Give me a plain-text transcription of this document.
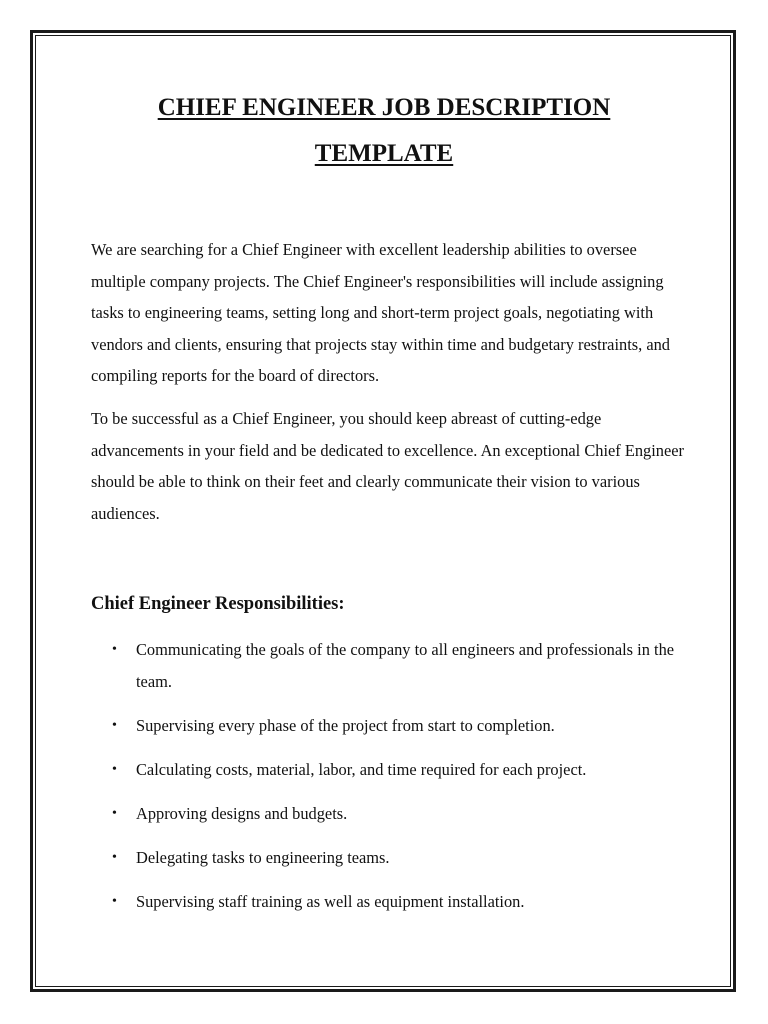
CHIEF ENGINEER JOB DESCRIPTION
TEMPLATE

We are searching for a Chief Engineer with excellent leadership abilities to oversee multiple company projects. The Chief Engineer's responsibilities will include assigning tasks to engineering teams, setting long and short-term project goals, negotiating with vendors and clients, ensuring that projects stay within time and budgetary restraints, and compiling reports for the board of directors.

To be successful as a Chief Engineer, you should keep abreast of cutting-edge advancements in your field and be dedicated to excellence. An exceptional Chief Engineer should be able to think on their feet and clearly communicate their vision to various audiences.

Chief Engineer Responsibilities:
• Communicating the goals of the company to all engineers and professionals in the team.
• Supervising every phase of the project from start to completion.
• Calculating costs, material, labor, and time required for each project.
• Approving designs and budgets.
• Delegating tasks to engineering teams.
• Supervising staff training as well as equipment installation.
